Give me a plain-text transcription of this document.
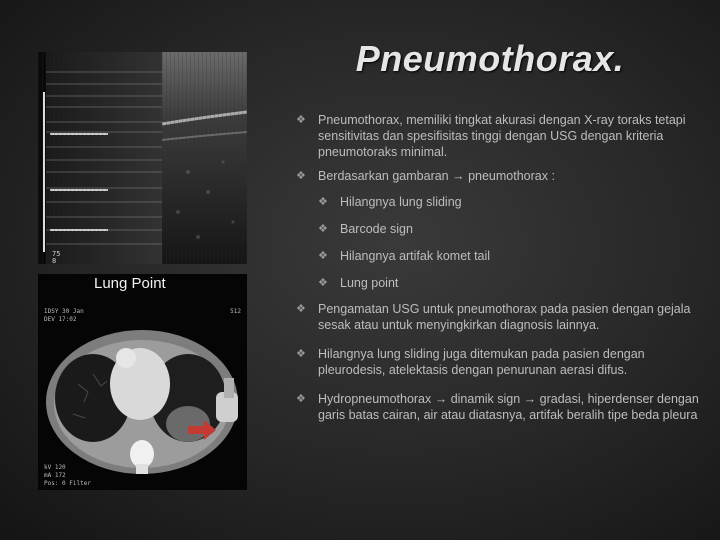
75
8
Lung Point
IDSY 30 Jan
DEV 17:02
512
kV 120
mA 172
Pos: 0 Filter
Pneumothorax.
❖ Pneumothorax, memiliki tingkat akurasi dengan X-ray toraks tetapi sensitivitas dan spesifisitas tinggi dengan USG dengan kriteria pneumotoraks minimal.
❖ Berdasarkan gambaran → pneumothorax :
❖ Hilangnya lung sliding
❖ Barcode sign
❖ Hilangnya artifak komet tail
❖ Lung point
❖ Pengamatan USG untuk pneumothorax pada pasien dengan gejala sesak atau untuk menyingkirkan diagnosis lainnya.
❖ Hilangnya lung sliding juga ditemukan pada pasien dengan pleurodesis, atelektasis dengan penurunan aerasi difus.
❖ Hydropneumothorax → dinamik sign → gradasi, hiperdenser dengan garis batas cairan, air atau diatasnya, artifak beralih tipe beda pleura
